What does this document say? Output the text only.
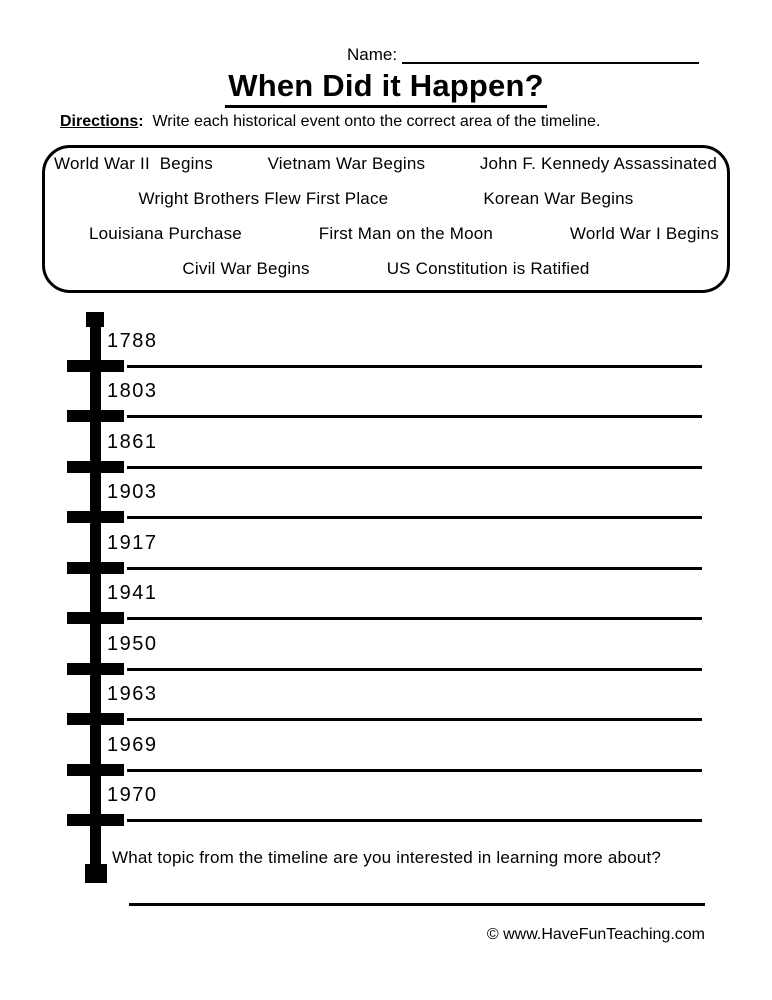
Name:
When Did it Happen?
Directions:  Write each historical event onto the correct area of the timeline.
World War II  Begins	Vietnam War Begins	John F. Kennedy Assassinated
Wright Brothers Flew First Place	Korean War Begins
Louisiana Purchase	First Man on the Moon	World War I Begins
Civil War Begins	US Constitution is Ratified
1788
1803
1861
1903
1917
1941
1950
1963
1969
1970
What topic from the timeline are you interested in learning more about?
© www.HaveFunTeaching.com
